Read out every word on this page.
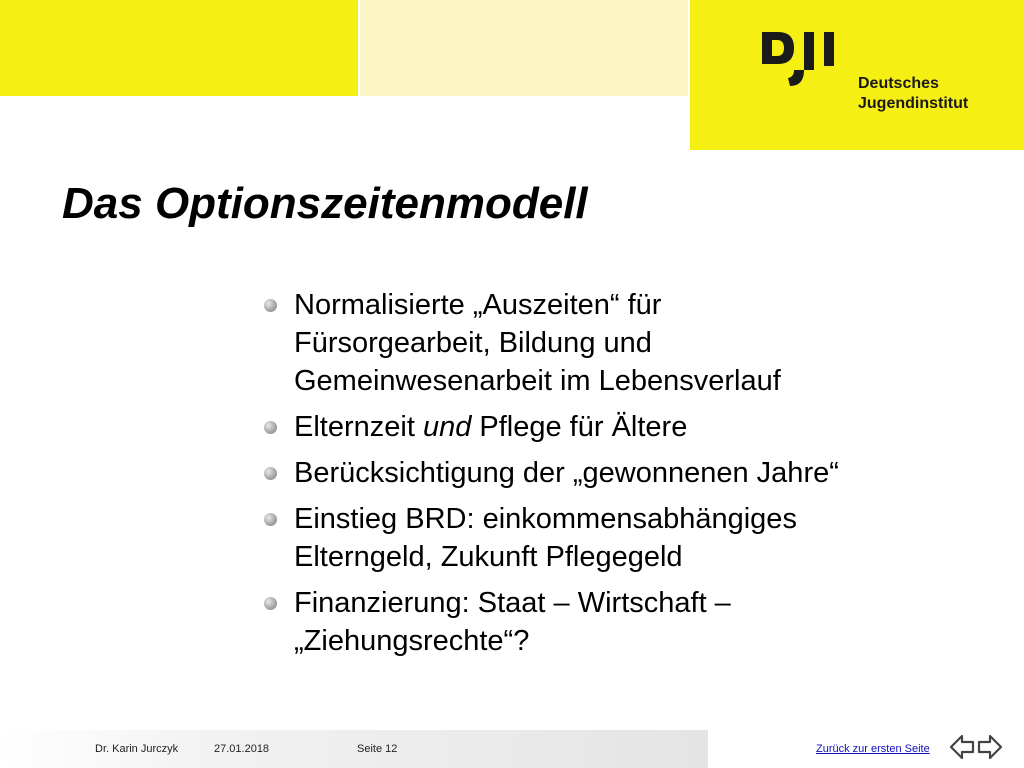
Deutsches
Jugendinstitut
Das Optionszeitenmodell
Normalisierte „Auszeiten“ für
Fürsorgearbeit, Bildung und
Gemeinwesenarbeit im Lebensverlauf
Elternzeit und Pflege für Ältere
Berücksichtigung der „gewonnenen Jahre“
Einstieg BRD: einkommensabhängiges
Elterngeld, Zukunft Pflegegeld
Finanzierung: Staat – Wirtschaft –
„Ziehungsrechte“?
Dr. Karin Jurczyk	27.01.2018	Seite 12	Zurück zur ersten Seite
